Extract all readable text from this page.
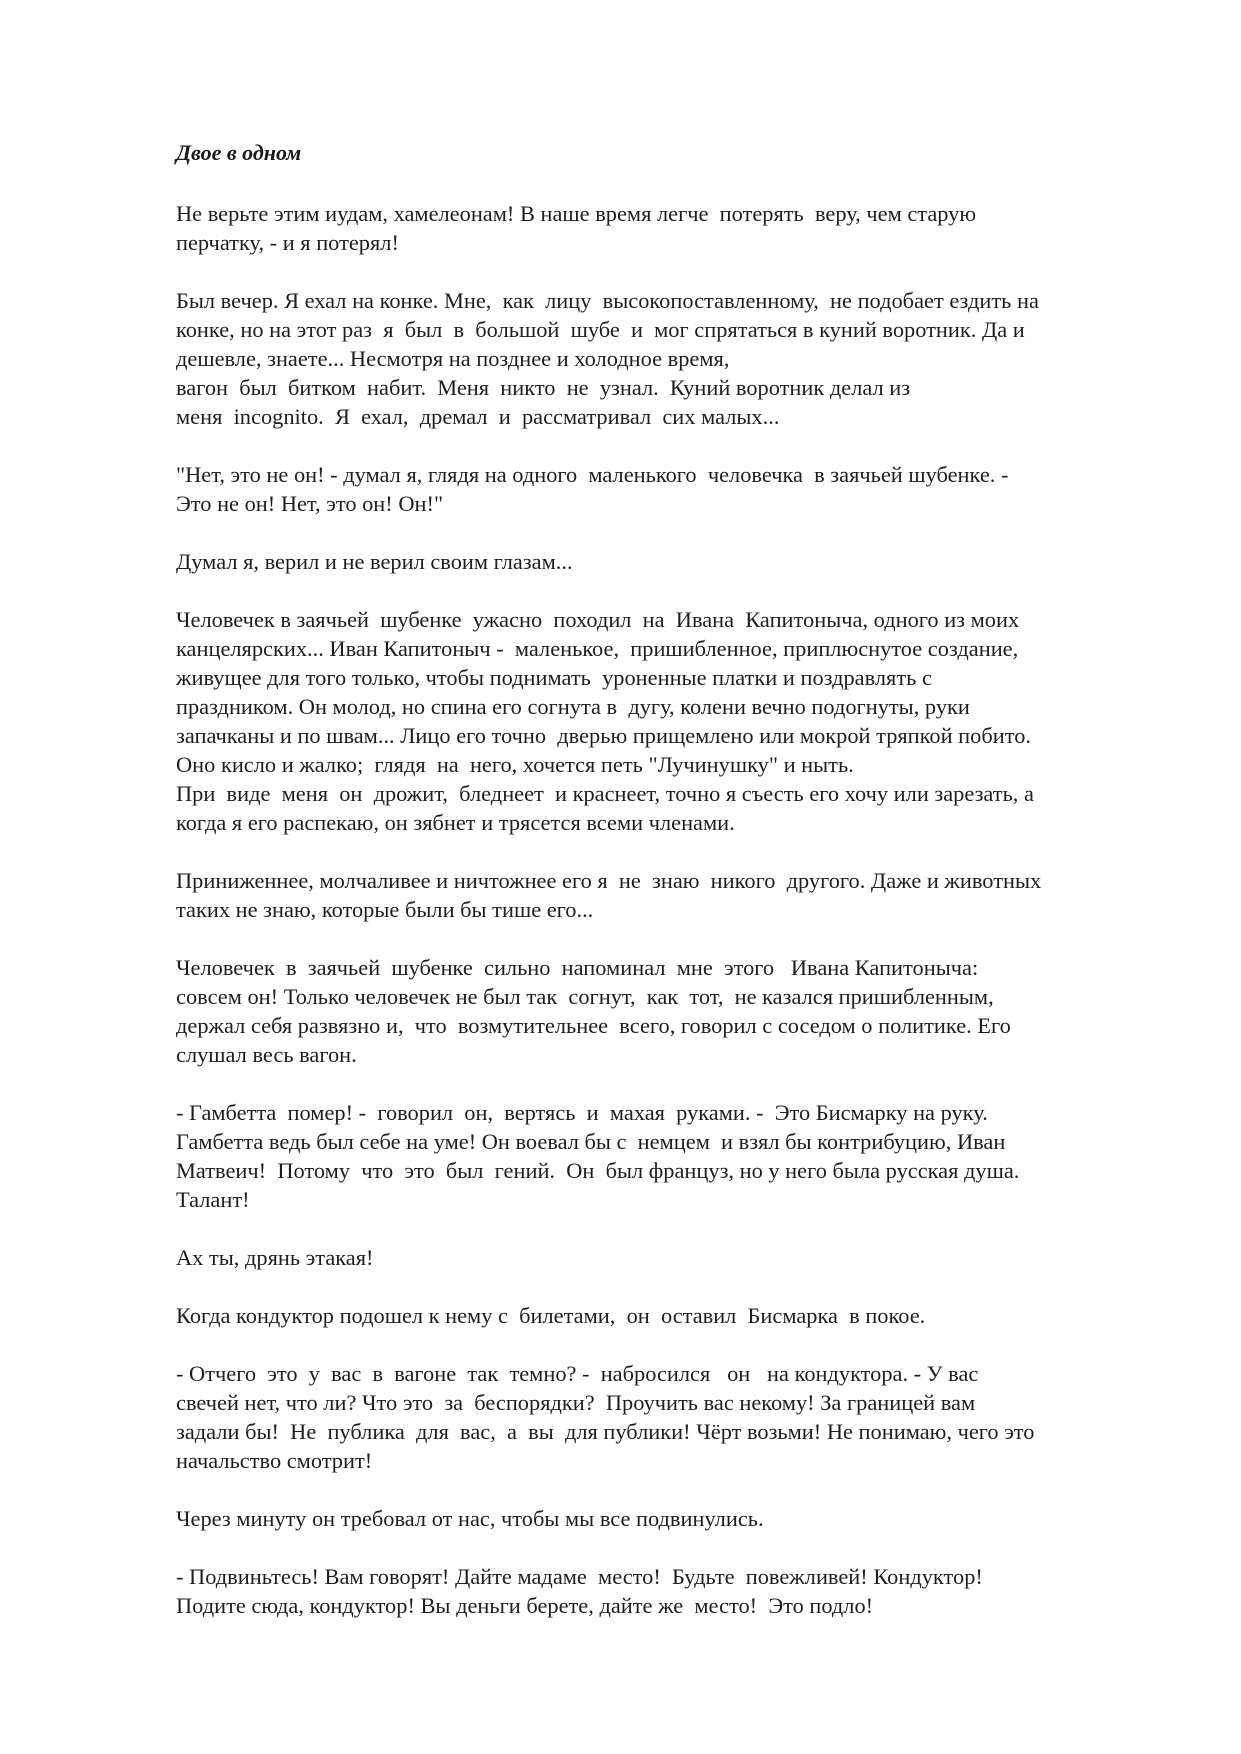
Двое в одном
Не верьте этим иудам, хамелеонам! В наше время легче  потерять  веру, чем старую
перчатку, - и я потерял!
Был вечер. Я ехал на конке. Мне,  как  лицу  высокопоставленному,  не подобает ездить на
конке, но на этот раз  я  был  в  большой  шубе  и  мог спрятаться в куний воротник. Да и
дешевле, знаете... Несмотря на позднее и холодное время,
вагон  был  битком  набит.  Меня  никто  не  узнал.  Куний воротник делал из
меня  incognito.  Я  ехал,  дремал  и  рассматривал  сих малых...
"Нет, это не он! - думал я, глядя на одного  маленького  человечка  в заячьей шубенке. -
Это не он! Нет, это он! Он!"
Думал я, верил и не верил своим глазам...
Человечек в заячьей  шубенке  ужасно  походил  на  Ивана  Капитоныча, одного из моих
канцелярских... Иван Капитоныч -  маленькое,  пришибленное, приплюснутое создание,
живущее для того только, чтобы поднимать  уроненные платки и поздравлять с
праздником. Он молод, но спина его согнута в  дугу, колени вечно подогнуты, руки
запачканы и по швам... Лицо его точно  дверью прищемлено или мокрой тряпкой побито.
Оно кисло и жалко;  глядя  на  него, хочется петь "Лучинушку" и ныть.
При  виде  меня  он  дрожит,  бледнеет  и краснеет, точно я съесть его хочу или зарезать, а
когда я его распекаю, он зябнет и трясется всеми членами.
Приниженнее, молчаливее и ничтожнее его я  не  знаю  никого  другого. Даже и животных
таких не знаю, которые были бы тише его...
Человечек  в  заячьей  шубенке  сильно  напоминал  мне  этого   Ивана Капитоныча:
совсем он! Только человечек не был так  согнут,  как  тот,  не казался пришибленным,
держал себя развязно и,  что  возмутительнее  всего, говорил с соседом о политике. Его
слушал весь вагон.
- Гамбетта  помер! -  говорил  он,  вертясь  и  махая  руками. -  Это Бисмарку на руку.
Гамбетта ведь был себе на уме! Он воевал бы с  немцем  и взял бы контрибуцию, Иван
Матвеич!  Потому  что  это  был  гений.  Он  был француз, но у него была русская душа.
Талант!
Ах ты, дрянь этакая!
Когда кондуктор подошел к нему с  билетами,  он  оставил  Бисмарка  в покое.
- Отчего  это  у  вас  в  вагоне  так  темно? -  набросился   он   на кондуктора. - У вас
свечей нет, что ли? Что это  за  беспорядки?  Проучить вас некому! За границей вам
задали бы!  Не  публика  для  вас,  а  вы  для публики! Чёрт возьми! Не понимаю, чего это
начальство смотрит!
Через минуту он требовал от нас, чтобы мы все подвинулись.
- Подвиньтесь! Вам говорят! Дайте мадаме  место!  Будьте  повежливей! Кондуктор!
Подите сюда, кондуктор! Вы деньги берете, дайте же  место!  Это подло!
